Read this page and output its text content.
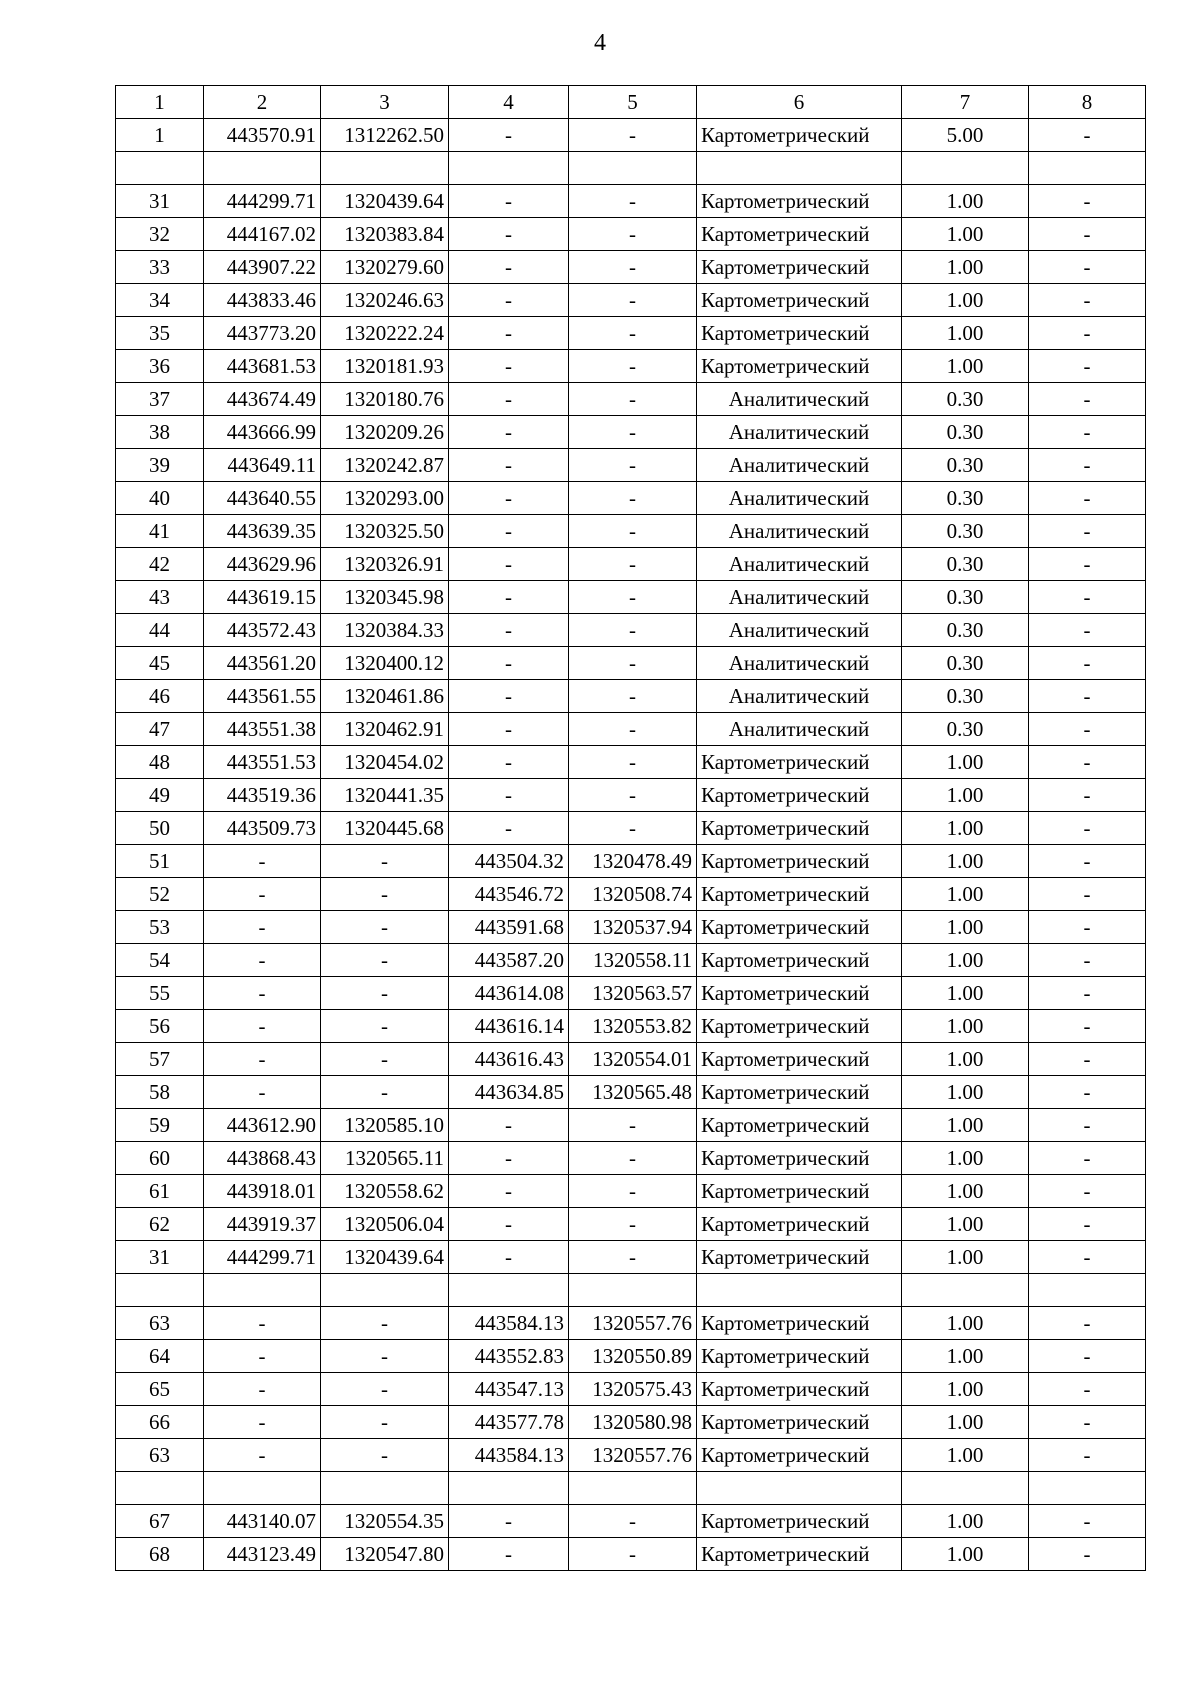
4
1	2	3	4	5	6	7	8
1	443570.91	1312262.50	-	-	Картометрический	5.00	-

31	444299.71	1320439.64	-	-	Картометрический	1.00	-
32	444167.02	1320383.84	-	-	Картометрический	1.00	-
33	443907.22	1320279.60	-	-	Картометрический	1.00	-
34	443833.46	1320246.63	-	-	Картометрический	1.00	-
35	443773.20	1320222.24	-	-	Картометрический	1.00	-
36	443681.53	1320181.93	-	-	Картометрический	1.00	-
37	443674.49	1320180.76	-	-	Аналитический	0.30	-
38	443666.99	1320209.26	-	-	Аналитический	0.30	-
39	443649.11	1320242.87	-	-	Аналитический	0.30	-
40	443640.55	1320293.00	-	-	Аналитический	0.30	-
41	443639.35	1320325.50	-	-	Аналитический	0.30	-
42	443629.96	1320326.91	-	-	Аналитический	0.30	-
43	443619.15	1320345.98	-	-	Аналитический	0.30	-
44	443572.43	1320384.33	-	-	Аналитический	0.30	-
45	443561.20	1320400.12	-	-	Аналитический	0.30	-
46	443561.55	1320461.86	-	-	Аналитический	0.30	-
47	443551.38	1320462.91	-	-	Аналитический	0.30	-
48	443551.53	1320454.02	-	-	Картометрический	1.00	-
49	443519.36	1320441.35	-	-	Картометрический	1.00	-
50	443509.73	1320445.68	-	-	Картометрический	1.00	-
51	-	-	443504.32	1320478.49	Картометрический	1.00	-
52	-	-	443546.72	1320508.74	Картометрический	1.00	-
53	-	-	443591.68	1320537.94	Картометрический	1.00	-
54	-	-	443587.20	1320558.11	Картометрический	1.00	-
55	-	-	443614.08	1320563.57	Картометрический	1.00	-
56	-	-	443616.14	1320553.82	Картометрический	1.00	-
57	-	-	443616.43	1320554.01	Картометрический	1.00	-
58	-	-	443634.85	1320565.48	Картометрический	1.00	-
59	443612.90	1320585.10	-	-	Картометрический	1.00	-
60	443868.43	1320565.11	-	-	Картометрический	1.00	-
61	443918.01	1320558.62	-	-	Картометрический	1.00	-
62	443919.37	1320506.04	-	-	Картометрический	1.00	-
31	444299.71	1320439.64	-	-	Картометрический	1.00	-

63	-	-	443584.13	1320557.76	Картометрический	1.00	-
64	-	-	443552.83	1320550.89	Картометрический	1.00	-
65	-	-	443547.13	1320575.43	Картометрический	1.00	-
66	-	-	443577.78	1320580.98	Картометрический	1.00	-
63	-	-	443584.13	1320557.76	Картометрический	1.00	-

67	443140.07	1320554.35	-	-	Картометрический	1.00	-
68	443123.49	1320547.80	-	-	Картометрический	1.00	-
